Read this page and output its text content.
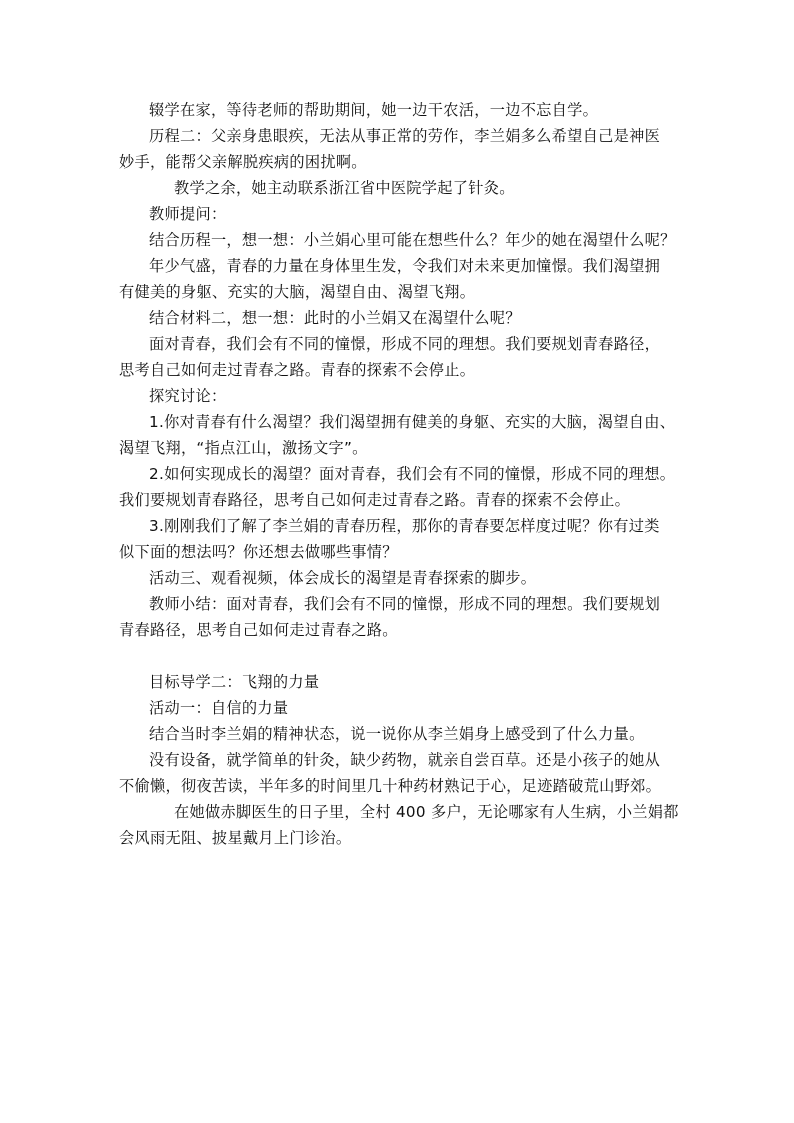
辍学在家，等待老师的帮助期间，她一边干农活，一边不忘自学。

历程二：父亲身患眼疾，无法从事正常的劳作，李兰娟多么希望自己是神医

妙手，能帮父亲解脱疾病的困扰啊。

教学之余，她主动联系浙江省中医院学起了针灸。

教师提问：

结合历程一，想一想：小兰娟心里可能在想些什么？年少的她在渴望什么呢？

年少气盛，青春的力量在身体里生发，令我们对未来更加憧憬。我们渴望拥

有健美的身躯、充实的大脑，渴望自由、渴望飞翔。

结合材料二，想一想：此时的小兰娟又在渴望什么呢？

面对青春，我们会有不同的憧憬，形成不同的理想。我们要规划青春路径，

思考自己如何走过青春之路。青春的探索不会停止。

探究讨论：

1.你对青春有什么渴望？我们渴望拥有健美的身躯、充实的大脑，渴望自由、

渴望飞翔，“指点江山，激扬文字”。

2.如何实现成长的渴望？面对青春，我们会有不同的憧憬，形成不同的理想。

我们要规划青春路径，思考自己如何走过青春之路。青春的探索不会停止。

3.刚刚我们了解了李兰娟的青春历程，那你的青春要怎样度过呢？你有过类

似下面的想法吗？你还想去做哪些事情？

活动三、观看视频，体会成长的渴望是青春探索的脚步。

教师小结：面对青春，我们会有不同的憧憬，形成不同的理想。我们要规划

青春路径，思考自己如何走过青春之路。

目标导学二：飞翔的力量

活动一：自信的力量

结合当时李兰娟的精神状态，说一说你从李兰娟身上感受到了什么力量。

没有设备，就学简单的针灸，缺少药物，就亲自尝百草。还是小孩子的她从

不偷懒，彻夜苦读，半年多的时间里几十种药材熟记于心，足迹踏破荒山野郊。

在她做赤脚医生的日子里，全村 400 多户，无论哪家有人生病，小兰娟都

会风雨无阻、披星戴月上门诊治。
